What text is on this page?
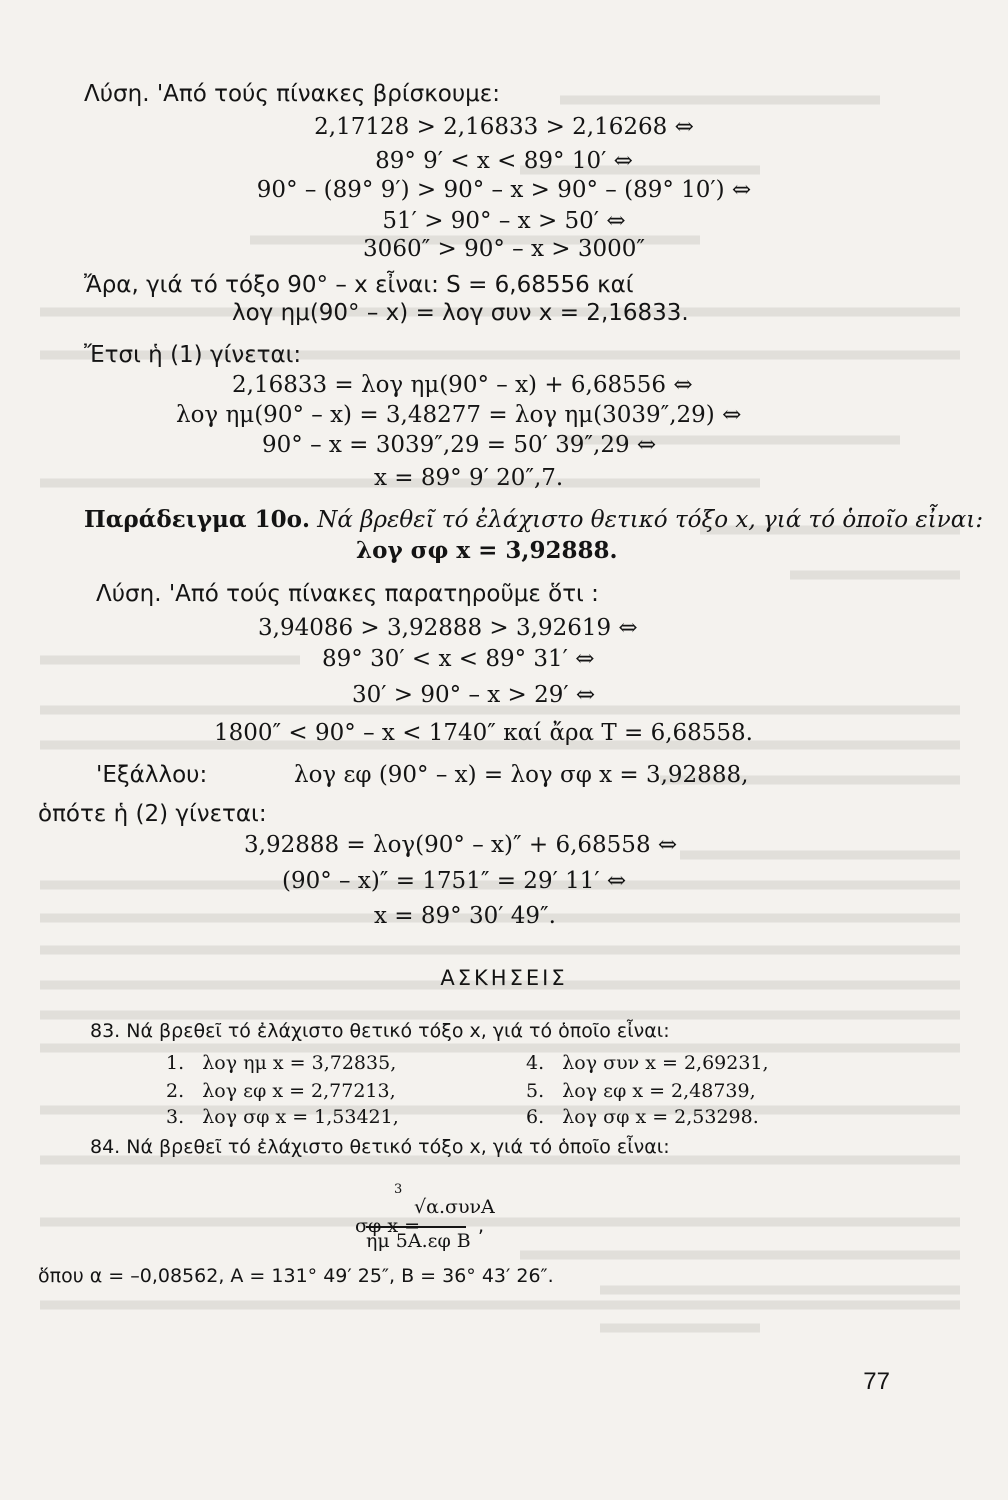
Λύση. 'Από τούς πίνακες βρίσκουμε:
2,17128 > 2,16833 > 2,16268 ⇔
89° 9′ < x < 89° 10′ ⇔
90° – (89° 9′) > 90° – x > 90° – (89° 10′) ⇔
51′ > 90° – x > 50′ ⇔
3060″ > 90° – x > 3000″
Ἄρα, γιά τό τόξο 90° – x εἶναι: S = 6,68556 καί
λογ ημ(90° – x) = λογ συν x = 2,16833.
Ἔτσι ἡ (1) γίνεται:
2,16833 = λογ ημ(90° – x) + 6,68556 ⇔
λογ ημ(90° – x) = 3,48277 = λογ ημ(3039″,29) ⇔
90° – x = 3039″,29 = 50′ 39″,29 ⇔
x = 89° 9′ 20″,7.
Παράδειγμα 10ο. Νά βρεθεῖ τό ἐλάχιστο θετικό τόξο x, γιά τό ὁποῖο εἶναι:
λογ σφ x = 3,92888.
Λύση. 'Από τούς πίνακες παρατηροῦμε ὅτι :
3,94086 > 3,92888 > 3,92619 ⇔
89° 30′ < x < 89° 31′ ⇔
30′ > 90° – x > 29′ ⇔
1800″ < 90° – x < 1740″ καί ἄρα T = 6,68558.
'Εξάλλου:	λογ εφ (90° – x) = λογ σφ x = 3,92888,
ὁπότε ἡ (2) γίνεται:
3,92888 = λογ(90° – x)″ + 6,68558 ⇔
(90° – x)″ = 1751″ = 29′ 11′ ⇔
x = 89° 30′ 49″.
ΑΣΚΗΣΕΙΣ
83. Νά βρεθεῖ τό ἐλάχιστο θετικό τόξο x, γιά τό ὁποῖο εἶναι:
1. λογ ημ x = 3,72835,	4. λογ συν x = 2,69231,
2. λογ εφ x = 2,77213,	5. λογ εφ x = 2,48739,
3. λογ σφ x = 1,53421,	6. λογ σφ x = 2,53298.
84. Νά βρεθεῖ τό ἐλάχιστο θετικό τόξο x, γιά τό ὁποῖο εἶναι:
σφ x =
3
√α.συνA
ημ 5A.εφ B
,
ὅπου α = –0,08562, A = 131° 49′ 25″, B = 36° 43′ 26″.
77
